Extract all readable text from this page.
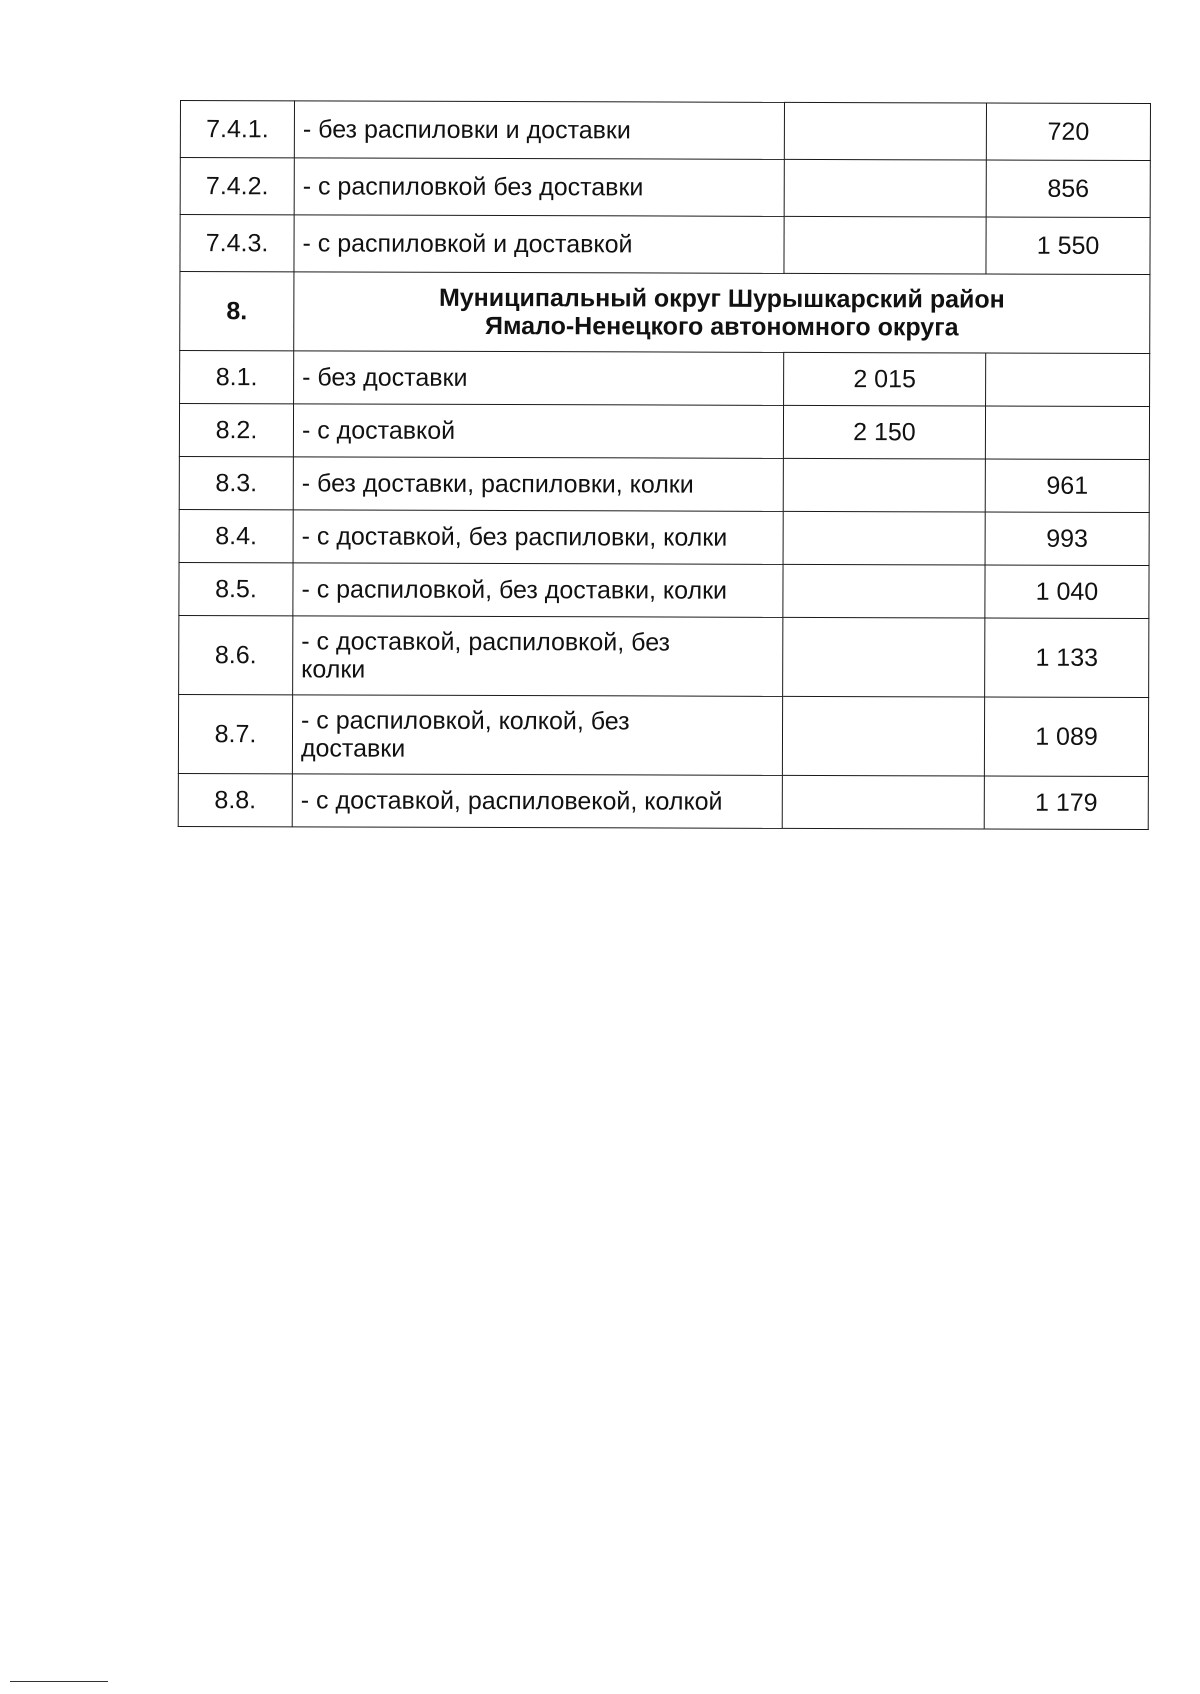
7.4.1.	- без распиловки и доставки		720
7.4.2.	- с распиловкой без доставки		856
7.4.3.	- с распиловкой и доставкой		1 550
8.	Муниципальный округ Шурышкарский район
Ямало-Ненецкого автономного округа		

8.1.	- без доставки	2 015	
8.2.	- с доставкой	2 150	
8.3.	- без доставки, распиловки, колки		961
8.4.	- с доставкой, без распиловки, колки		993
8.5.	- с распиловкой, без доставки, колки		1 040
8.6.	- с доставкой, распиловкой, без
колки		1 133
8.7.	- с распиловкой, колкой, без
доставки		1 089
8.8.	- с доставкой, распиловекой, колкой		1 179
